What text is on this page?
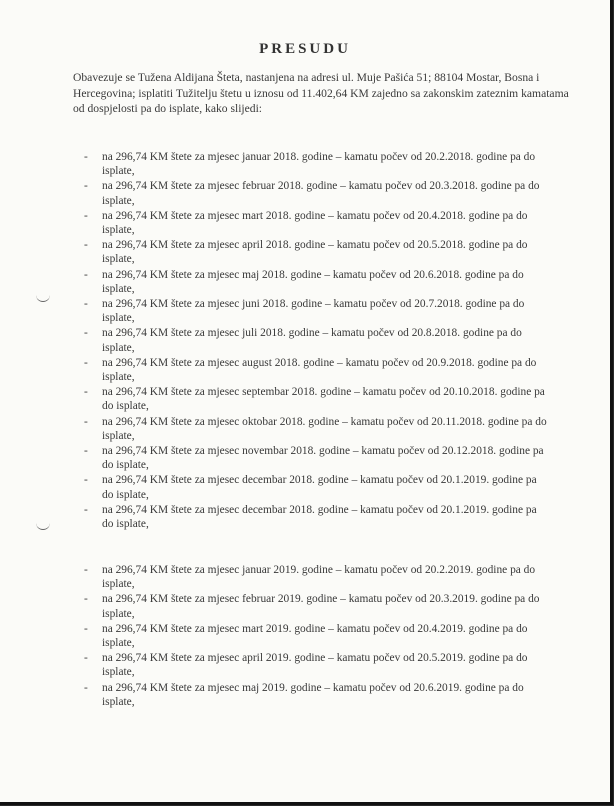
PRESUDU
Obavezuje se Tužena Aldijana Šteta, nastanjena na adresi ul. Muje Pašića 51; 88104 Mostar, Bosna i
Hercegovina; isplatiti Tužitelju štetu u iznosu od 11.402,64 KM zajedno sa zakonskim zateznim kamatama
od dospjelosti pa do isplate, kako slijedi:
- na 296,74 KM štete za mjesec januar 2018. godine – kamatu počev od 20.2.2018. godine pa do
isplate,
- na 296,74 KM štete za mjesec februar 2018. godine – kamatu počev od 20.3.2018. godine pa do
isplate,
- na 296,74 KM štete za mjesec mart 2018. godine – kamatu počev od 20.4.2018. godine pa do
isplate,
- na 296,74 KM štete za mjesec april 2018. godine – kamatu počev od 20.5.2018. godine pa do
isplate,
- na 296,74 KM štete za mjesec maj 2018. godine – kamatu počev od 20.6.2018. godine pa do
isplate,
- na 296,74 KM štete za mjesec juni 2018. godine – kamatu počev od 20.7.2018. godine pa do
isplate,
- na 296,74 KM štete za mjesec juli 2018. godine – kamatu počev od 20.8.2018. godine pa do
isplate,
- na 296,74 KM štete za mjesec august 2018. godine – kamatu počev od 20.9.2018. godine pa do
isplate,
- na 296,74 KM štete za mjesec septembar 2018. godine – kamatu počev od 20.10.2018. godine pa
do isplate,
- na 296,74 KM štete za mjesec oktobar 2018. godine – kamatu počev od 20.11.2018. godine pa do
isplate,
- na 296,74 KM štete za mjesec novembar 2018. godine – kamatu počev od 20.12.2018. godine pa
do isplate,
- na 296,74 KM štete za mjesec decembar 2018. godine – kamatu počev od 20.1.2019. godine pa
do isplate,
- na 296,74 KM štete za mjesec decembar 2018. godine – kamatu počev od 20.1.2019. godine pa
do isplate,
- na 296,74 KM štete za mjesec januar 2019. godine – kamatu počev od 20.2.2019. godine pa do
isplate,
- na 296,74 KM štete za mjesec februar 2019. godine – kamatu počev od 20.3.2019. godine pa do
isplate,
- na 296,74 KM štete za mjesec mart 2019. godine – kamatu počev od 20.4.2019. godine pa do
isplate,
- na 296,74 KM štete za mjesec april 2019. godine – kamatu počev od 20.5.2019. godine pa do
isplate,
- na 296,74 KM štete za mjesec maj 2019. godine – kamatu počev od 20.6.2019. godine pa do
isplate,
